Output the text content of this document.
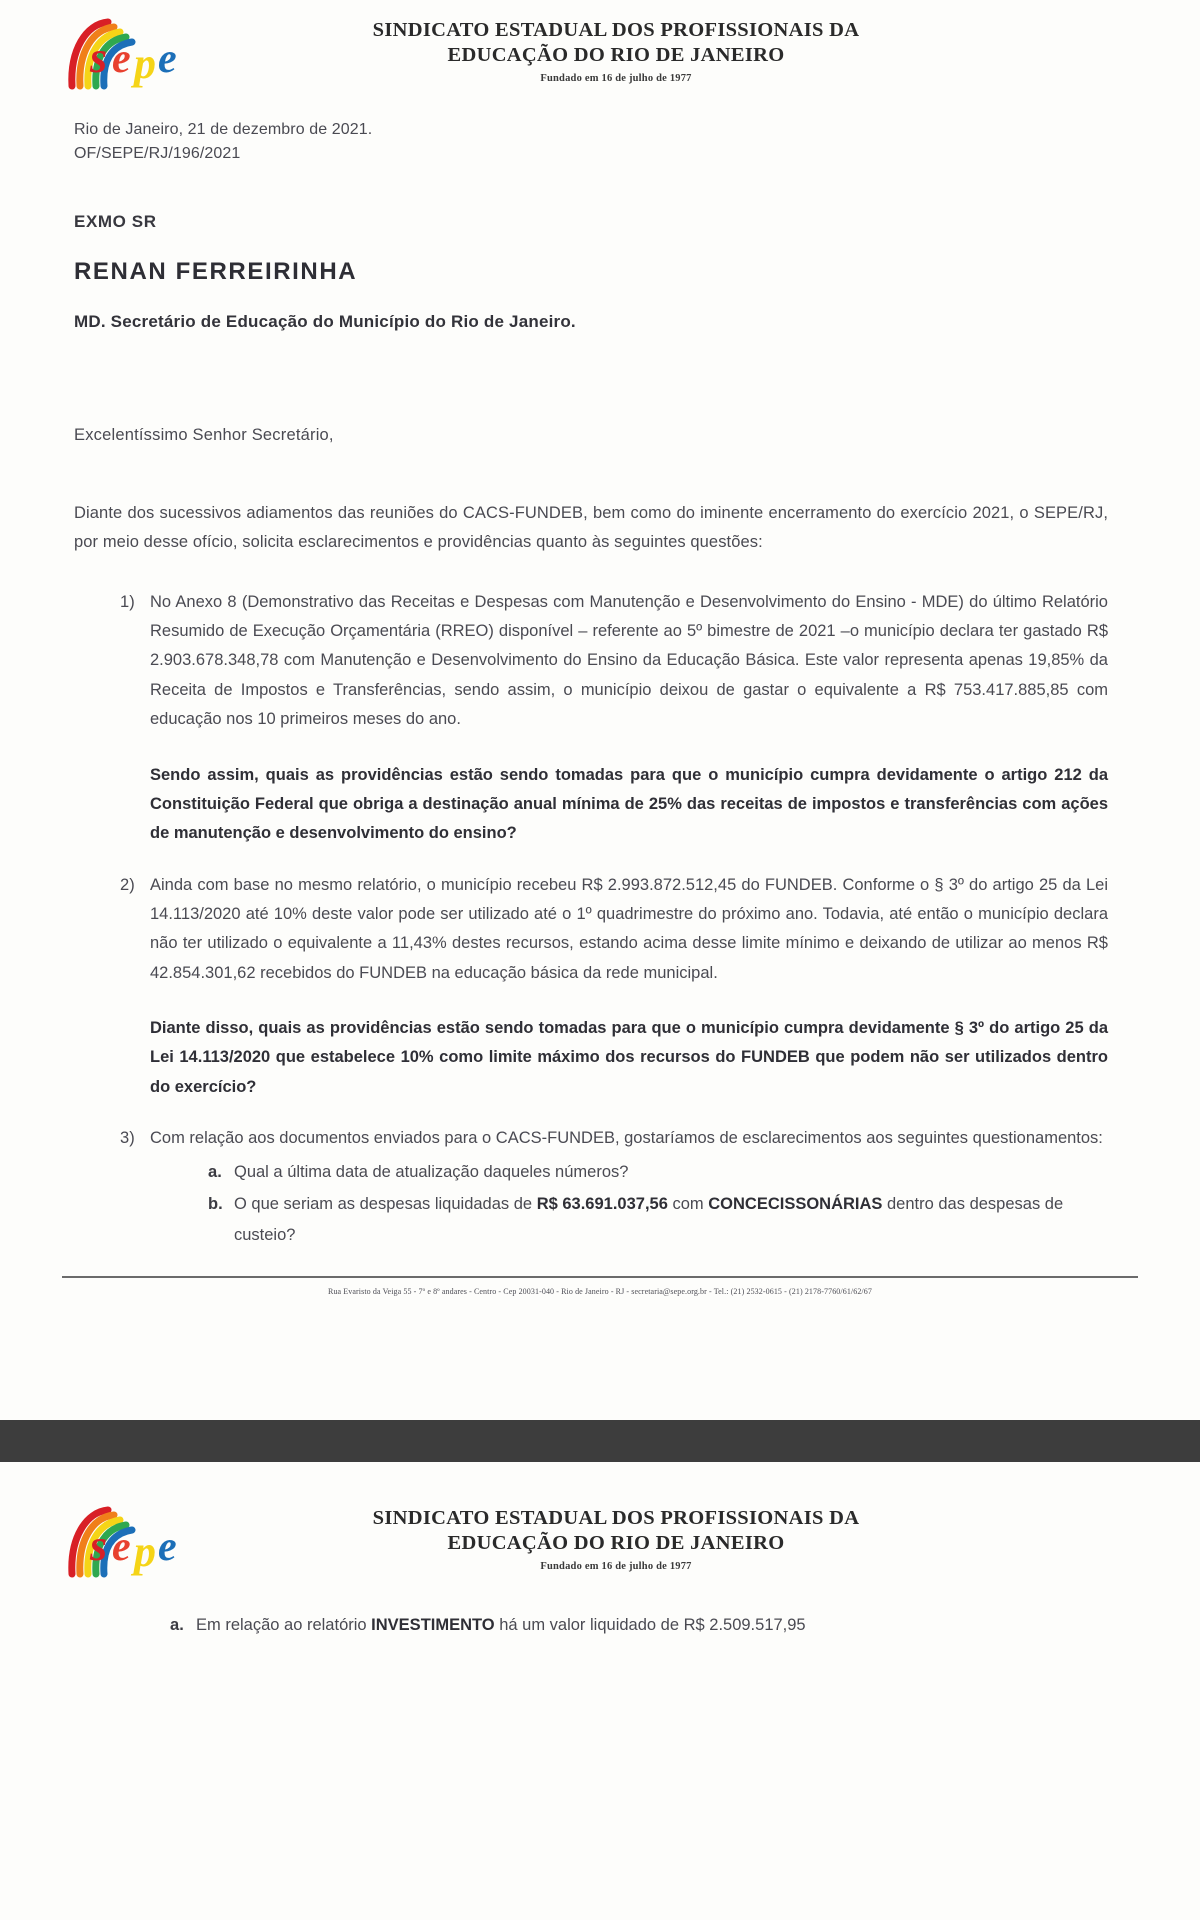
s e p e
SINDICATO ESTADUAL DOS PROFISSIONAIS DA
EDUCAÇÃO DO RIO DE JANEIRO
Fundado em 16 de julho de 1977
Rio de Janeiro, 21 de dezembro de 2021.
OF/SEPE/RJ/196/2021
EXMO SR
RENAN FERREIRINHA
MD. Secretário de Educação do Município do Rio de Janeiro.
Excelentíssimo Senhor Secretário,
Diante dos sucessivos adiamentos das reuniões do CACS-FUNDEB, bem como do iminente encerramento do exercício 2021, o SEPE/RJ, por meio desse ofício, solicita esclarecimentos e providências quanto às seguintes questões:
No Anexo 8 (Demonstrativo das Receitas e Despesas com Manutenção e Desenvolvimento do Ensino - MDE) do último Relatório Resumido de Execução Orçamentária (RREO) disponível – referente ao 5º bimestre de 2021 –o município declara ter gastado R$ 2.903.678.348,78 com Manutenção e Desenvolvimento do Ensino da Educação Básica. Este valor representa apenas 19,85% da Receita de Impostos e Transferências, sendo assim, o município deixou de gastar o equivalente a R$ 753.417.885,85 com educação nos 10 primeiros meses do ano.
Sendo assim, quais as providências estão sendo tomadas para que o município cumpra devidamente o artigo 212 da Constituição Federal que obriga a destinação anual mínima de 25% das receitas de impostos e transferências com ações de manutenção e desenvolvimento do ensino?
Ainda com base no mesmo relatório, o município recebeu R$ 2.993.872.512,45 do FUNDEB. Conforme o § 3º do artigo 25 da Lei 14.113/2020 até 10% deste valor pode ser utilizado até o 1º quadrimestre do próximo ano. Todavia, até então o município declara não ter utilizado o equivalente a 11,43% destes recursos, estando acima desse limite mínimo e deixando de utilizar ao menos R$ 42.854.301,62 recebidos do FUNDEB na educação básica da rede municipal.
Diante disso, quais as providências estão sendo tomadas para que o município cumpra devidamente § 3º do artigo 25 da Lei 14.113/2020 que estabelece 10% como limite máximo dos recursos do FUNDEB que podem não ser utilizados dentro do exercício?
Com relação aos documentos enviados para o CACS-FUNDEB, gostaríamos de esclarecimentos aos seguintes questionamentos:
Qual a última data de atualização daqueles números?
O que seriam as despesas liquidadas de R$ 63.691.037,56 com CONCECISSONÁRIAS dentro das despesas de custeio?
Rua Evaristo da Veiga 55 - 7º e 8º andares - Centro - Cep 20031-040 - Rio de Janeiro - RJ - secretaria@sepe.org.br - Tel.: (21) 2532-0615 - (21) 2178-7760/61/62/67
s e p e
SINDICATO ESTADUAL DOS PROFISSIONAIS DA
EDUCAÇÃO DO RIO DE JANEIRO
Fundado em 16 de julho de 1977
Em relação ao relatório INVESTIMENTO há um valor liquidado de R$ 2.509.517,95
